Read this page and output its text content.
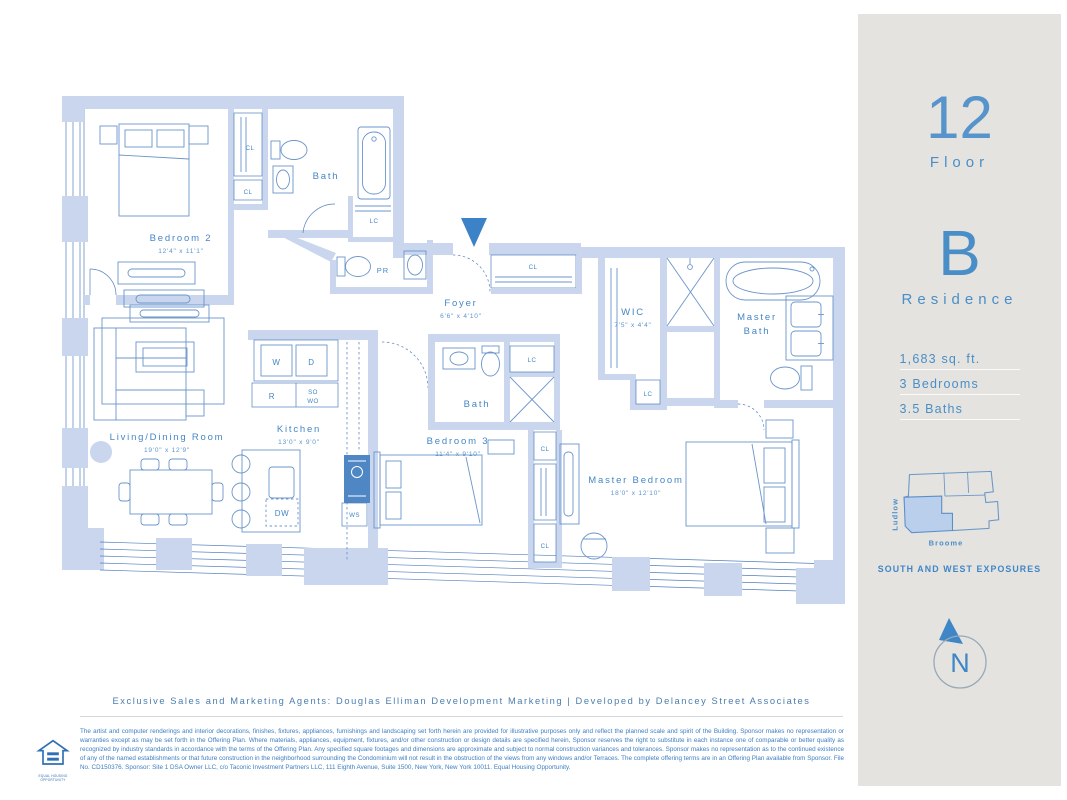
Bedroom 2
12'4" x 11'1"
CL
CL
Bath
LC
PR	CL
Foyer
6'6" x 4'10"	WIC
7'5" x 4'4"
LC
Master
Bath
LC
Bath
Bedroom 3
11'4" x 9'10"
CL
CL
Master Bedroom
18'0" x 12'10"
W	D
R	SO
WO
WS
DW
Kitchen
13'0" x 9'0"
Living/Dining Room
19'0" x 12'9"
12
Floor
B
Residence
1,683 sq. ft.
3 Bedrooms
3.5 Baths
Ludlow
Broome
SOUTH AND WEST EXPOSURES
N
Exclusive Sales and Marketing Agents: Douglas Elliman Development Marketing | Developed by Delancey Street Associates
EQUAL HOUSING OPPORTUNITY
The artist and computer renderings and interior decorations, finishes, fixtures, appliances, furnishings and landscaping set forth herein are provided for illustrative purposes only and reflect the planned scale and spirit of the Building. Sponsor makes no representation or warranties except as may be set forth in the Offering Plan. Where materials, appliances, equipment, fixtures, and/or other construction or design details are specified herein, Sponsor reserves the right to substitute in each instance one of comparable or better quality as recognized by industry standards in accordance with the terms of the Offering Plan. Any specified square footages and dimensions are approximate and subject to normal construction variances and tolerances. Sponsor makes no representation as to the continued existence of any of the named establishments or that future construction in the neighborhood surrounding the Condominium will not result in the obstruction of the views from any windows and/or Terraces. The complete offering terms are in an Offering Plan available from Sponsor. File No. CD150376. Sponsor: Site 1 DSA Owner LLC, c/o Taconic Investment Partners LLC, 111 Eighth Avenue, Suite 1500, New York, New York 10011. Equal Housing Opportunity.
